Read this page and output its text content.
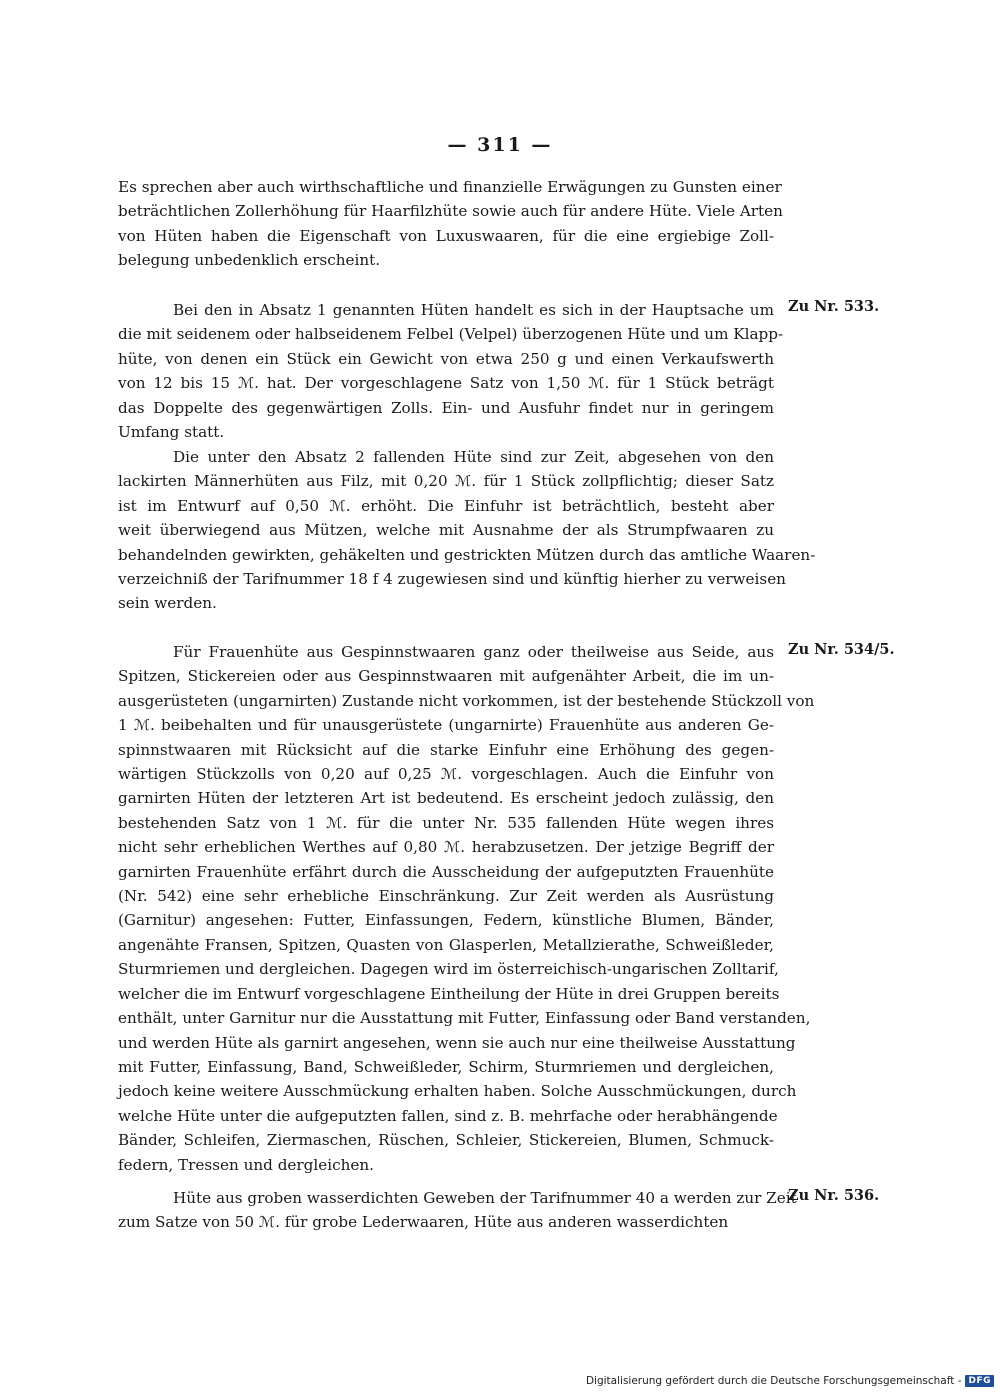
— 311 —
Es sprechen aber auch wirthschaftliche und finanzielle Erwägungen zu Gunsten einer
beträchtlichen Zollerhöhung für Haarfilzhüte sowie auch für andere Hüte. Viele Arten
von Hüten haben die Eigenschaft von Luxuswaaren, für die eine ergiebige Zoll-
belegung unbedenklich erscheint.
Bei den in Absatz 1 genannten Hüten handelt es sich in der Hauptsache um
die mit seidenem oder halbseidenem Felbel (Velpel) überzogenen Hüte und um Klapp-
hüte, von denen ein Stück ein Gewicht von etwa 250 g und einen Verkaufswerth
von 12 bis 15 ℳ. hat. Der vorgeschlagene Satz von 1,50 ℳ. für 1 Stück beträgt
das Doppelte des gegenwärtigen Zolls. Ein- und Ausfuhr findet nur in geringem
Umfang statt.
Die unter den Absatz 2 fallenden Hüte sind zur Zeit, abgesehen von den
lackirten Männerhüten aus Filz, mit 0,20 ℳ. für 1 Stück zollpflichtig; dieser Satz
ist im Entwurf auf 0,50 ℳ. erhöht. Die Einfuhr ist beträchtlich, besteht aber
weit überwiegend aus Mützen, welche mit Ausnahme der als Strumpfwaaren zu
behandelnden gewirkten, gehäkelten und gestrickten Mützen durch das amtliche Waaren-
verzeichniß der Tarifnummer 18 f 4 zugewiesen sind und künftig hierher zu verweisen
sein werden.
Für Frauenhüte aus Gespinnstwaaren ganz oder theilweise aus Seide, aus
Spitzen, Stickereien oder aus Gespinnstwaaren mit aufgenähter Arbeit, die im un-
ausgerüsteten (ungarnirten) Zustande nicht vorkommen, ist der bestehende Stückzoll von
1 ℳ. beibehalten und für unausgerüstete (ungarnirte) Frauenhüte aus anderen Ge-
spinnstwaaren mit Rücksicht auf die starke Einfuhr eine Erhöhung des gegen-
wärtigen Stückzolls von 0,20 auf 0,25 ℳ. vorgeschlagen. Auch die Einfuhr von
garnirten Hüten der letzteren Art ist bedeutend. Es erscheint jedoch zulässig, den
bestehenden Satz von 1 ℳ. für die unter Nr. 535 fallenden Hüte wegen ihres
nicht sehr erheblichen Werthes auf 0,80 ℳ. herabzusetzen. Der jetzige Begriff der
garnirten Frauenhüte erfährt durch die Ausscheidung der aufgeputzten Frauenhüte
(Nr. 542) eine sehr erhebliche Einschränkung. Zur Zeit werden als Ausrüstung
(Garnitur) angesehen: Futter, Einfassungen, Federn, künstliche Blumen, Bänder,
angenähte Fransen, Spitzen, Quasten von Glasperlen, Metallzierathe, Schweißleder,
Sturmriemen und dergleichen. Dagegen wird im österreichisch-ungarischen Zolltarif,
welcher die im Entwurf vorgeschlagene Eintheilung der Hüte in drei Gruppen bereits
enthält, unter Garnitur nur die Ausstattung mit Futter, Einfassung oder Band verstanden,
und werden Hüte als garnirt angesehen, wenn sie auch nur eine theilweise Ausstattung
mit Futter, Einfassung, Band, Schweißleder, Schirm, Sturmriemen und dergleichen,
jedoch keine weitere Ausschmückung erhalten haben. Solche Ausschmückungen, durch
welche Hüte unter die aufgeputzten fallen, sind z. B. mehrfache oder herabhängende
Bänder, Schleifen, Ziermaschen, Rüschen, Schleier, Stickereien, Blumen, Schmuck-
federn, Tressen und dergleichen.
Hüte aus groben wasserdichten Geweben der Tarifnummer 40 a werden zur Zeit
zum Satze von 50 ℳ. für grobe Lederwaaren, Hüte aus anderen wasserdichten
Zu Nr. 533.
Zu Nr. 534/5.
Zu Nr. 536.
Digitalisierung gefördert durch die Deutsche Forschungsgemeinschaft - DFG
